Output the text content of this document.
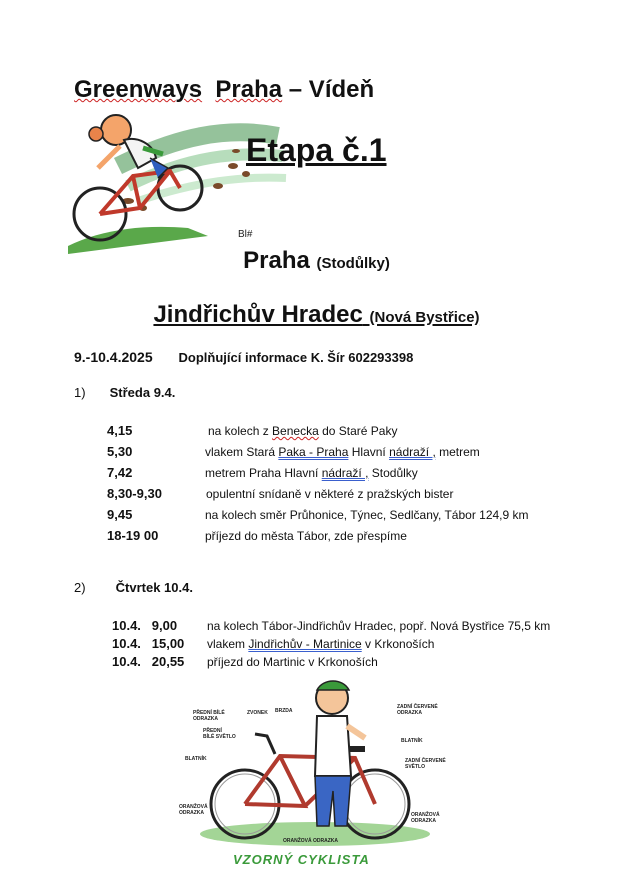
Greenways Praha – Vídeň
Bl#
Etapa č.1
Praha (Stodůlky)
Jindřichův Hradec (Nová Bystřice)
9.-10.4.2025 Doplňující informace K. Šír 602293398
1) Středa 9.4.
4,15	na kolech z Benecka do Staré Paky
5,30	vlakem Stará Paka - Praha Hlavní nádraží , metrem
7,42	metrem Praha Hlavní nádraží , Stodůlky
8,30-9,30	opulentní snídaně v některé z pražských bister
9,45	na kolech směr Průhonice, Týnec, Sedlčany, Tábor 124,9 km
18-19 00	příjezd do města Tábor, zde přespíme
2) Čtvrtek 10.4.
10.4.   9,00 na kolech Tábor-Jindřichův Hradec, popř. Nová Bystřice 75,5 km
10.4.   15,00 vlakem Jindřichův - Martinice v Krkonoších
10.4.   20,55 příjezd do Martinic v Krkonoších
PŘEDNÍ BÍLÉ
ODRAZKA
ZVONEK BRZDA
PŘEDNÍ
BÍLÉ SVĚTLO
BLATNÍK
ZADNÍ ČERVENÉ
ODRAZKA
BLATNÍK
ZADNÍ ČERVENÉ
SVĚTLO
ORANŽOVÁ
ODRAZKA
ORANŽOVÁ ODRAZKA
ORANŽOVÁ
ODRAZKA
VZORNÝ CYKLISTA
